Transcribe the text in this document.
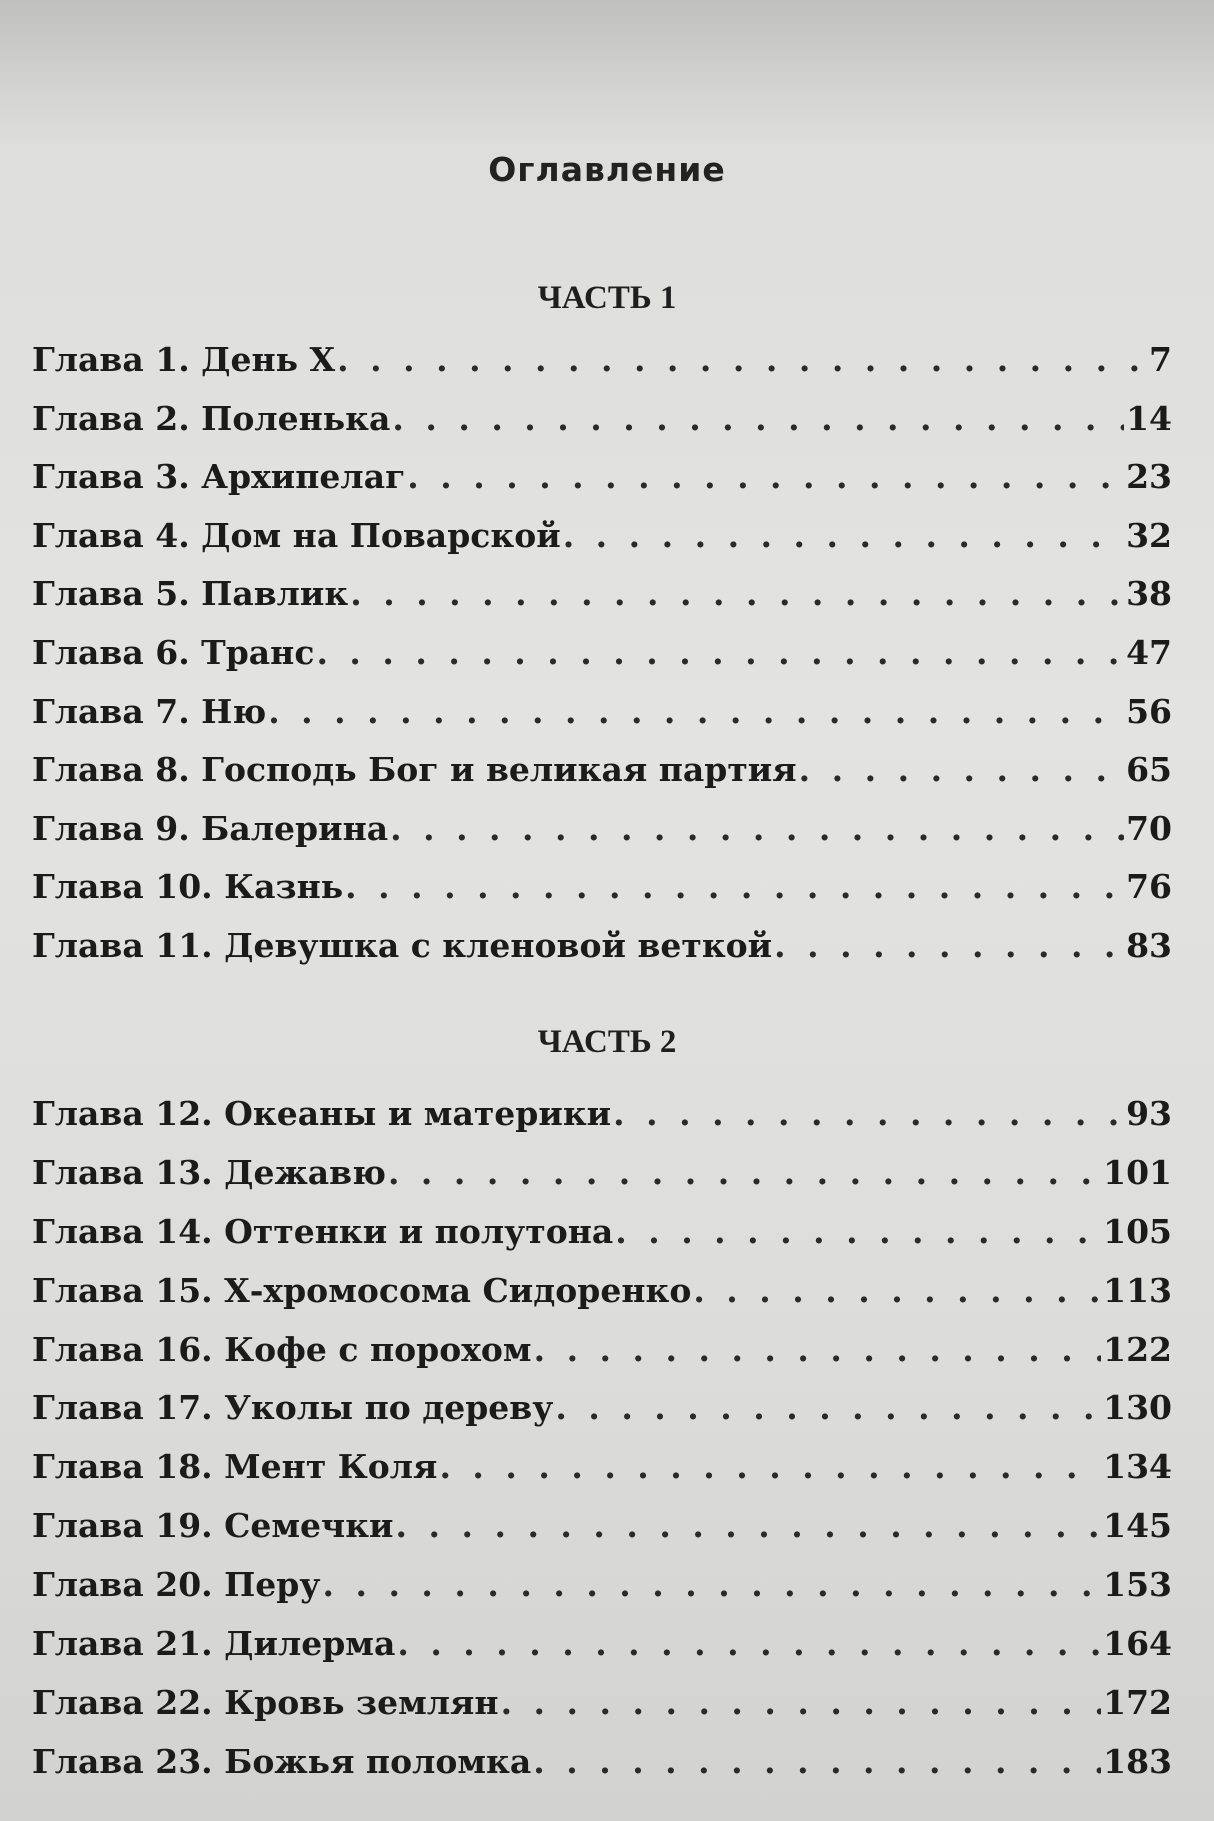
Оглавление
ЧАСТЬ 1
Глава 1. День Х . . .	7
Глава 2. Поленька . . .	14
Глава 3. Архипелаг . . .	23
Глава 4. Дом на Поварской . . .	32
Глава 5. Павлик . . .	38
Глава 6. Транс . . .	47
Глава 7. Ню . . .	56
Глава 8. Господь Бог и великая партия . . .	65
Глава 9. Балерина . . .	70
Глава 10. Казнь . . .	76
Глава 11. Девушка с кленовой веткой . . .	83
ЧАСТЬ 2
Глава 12. Океаны и материки . . .	93
Глава 13. Дежавю . . .	101
Глава 14. Оттенки и полутона . . .	105
Глава 15. Х-хромосома Сидоренко . . .	113
Глава 16. Кофе с порохом . . .	122
Глава 17. Уколы по дереву . . .	130
Глава 18. Мент Коля . . .	134
Глава 19. Семечки . . .	145
Глава 20. Перу . . .	153
Глава 21. Дилерма . . .	164
Глава 22. Кровь землян . . .	172
Глава 23. Божья поломка . . .	183
